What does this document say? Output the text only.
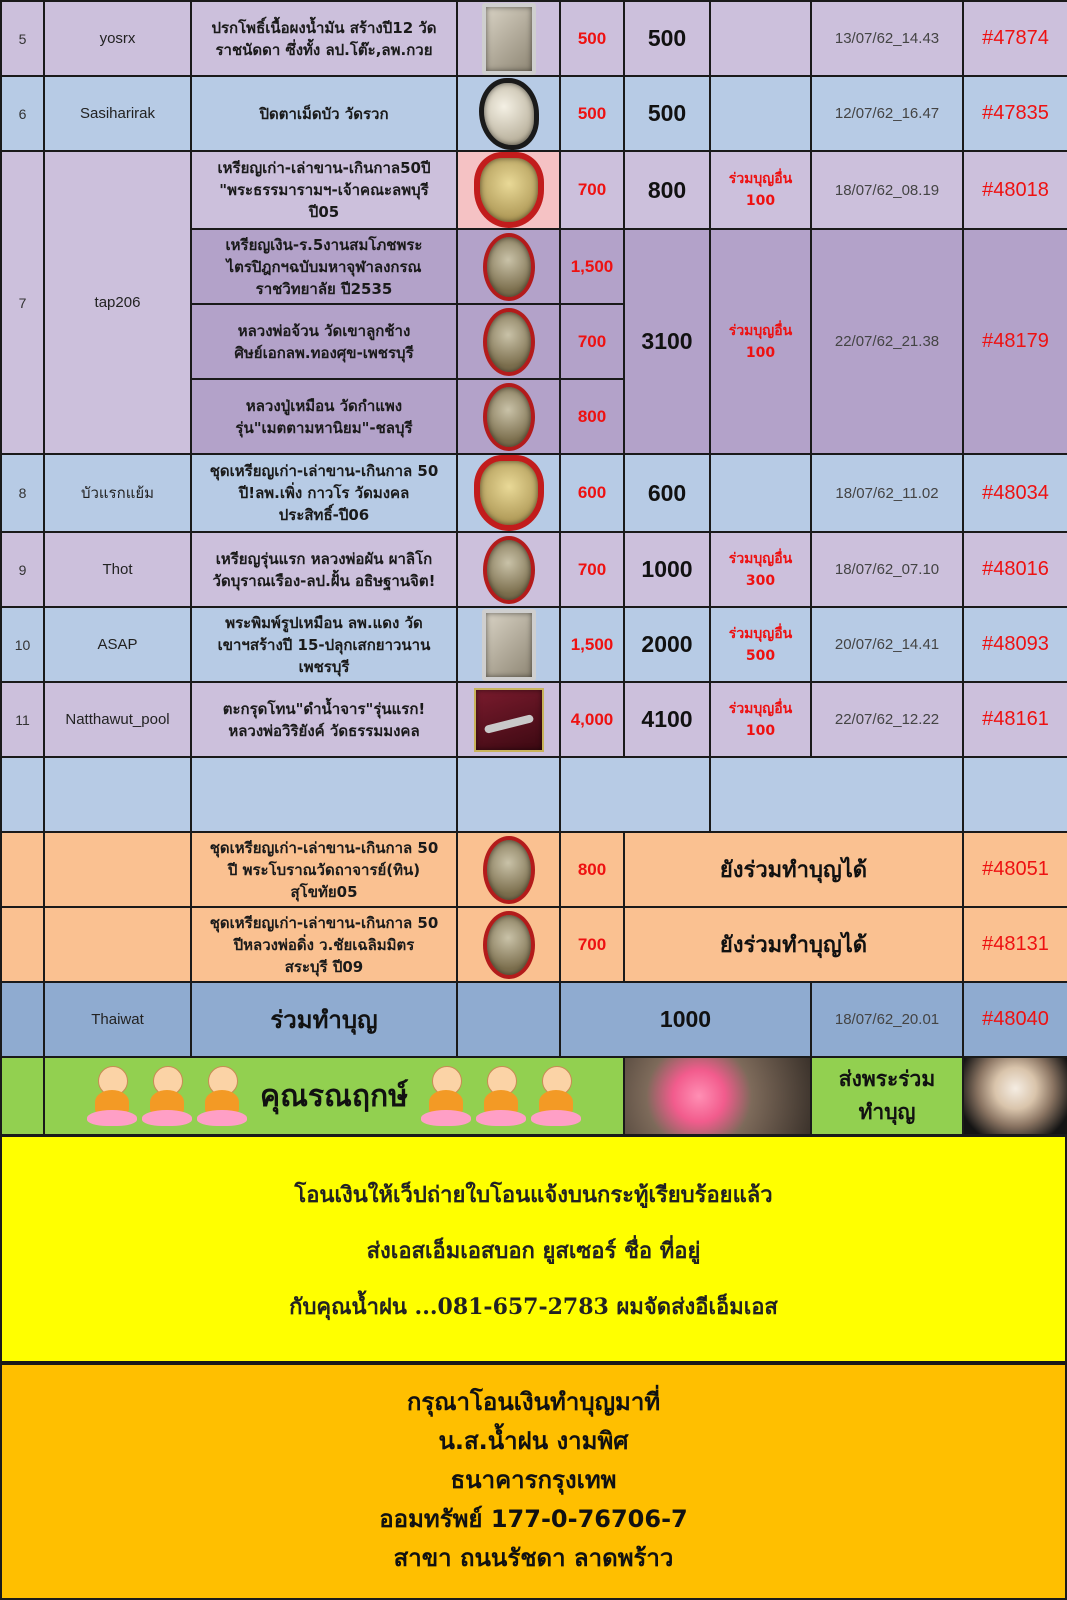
5	yosrx	ปรกโพธิ์เนื้อผงน้ำมัน สร้างปี12 วัด
ราชนัดดา ซึ่งทั้ง ลป.โต๊ะ,ลพ.กวย		500	500		13/07/62_14.43	#47874
6	Sasiharirak	ปิดตาเม็ดบัว วัดรวก		500	500		12/07/62_16.47	#47835
7	tap206	เหรียญเก่า-เล่าขาน-เกินกาล50ปี
"พระธรรมารามฯ-เจ้าคณะลพบุรี
ปี05		700	800	ร่วมบุญอื่น
100	18/07/62_08.19	#48018
		เหรียญเงิน-ร.5งานสมโภชพระ
ไตรปิฎกฯฉบับมหาจุฬาลงกรณ
ราชวิทยาลัย ปี2535		1,500	3100	ร่วมบุญอื่น
100	22/07/62_21.38	#48179
		หลวงพ่อจ้วน วัดเขาลูกช้าง
ศิษย์เอกลพ.ทองศุข-เพชรบุรี		700				
		หลวงปู่เหมือน วัดกำแพง
รุ่น"เมตตามหานิยม"-ชลบุรี		800				
8	บัวแรกแย้ม	ชุดเหรียญเก่า-เล่าขาน-เกินกาล 50
ปี!ลพ.เพิ่ง กาวโร วัดมงคล
ประสิทธิ์-ปี06		600	600		18/07/62_11.02	#48034
9	Thot	เหรียญรุ่นแรก หลวงพ่อผัน ผาลิโก
วัดบุราณเรือง-ลป.ฝั้น อธิษฐานจิต!		700	1000	ร่วมบุญอื่น
300	18/07/62_07.10	#48016
10	ASAP	พระพิมพ์รูปเหมือน ลพ.แดง วัด
เขาฯสร้างปี 15-ปลุกเสกยาวนาน
เพชรบุรี		1,500	2000	ร่วมบุญอื่น
500	20/07/62_14.41	#48093
11	Natthawut_pool	ตะกรุดโทน"ดำน้ำจาร"รุ่นแรก!
หลวงพ่อวิริยังค์ วัดธรรมมงคล		4,000	4100	ร่วมบุญอื่น
100	22/07/62_12.22	#48161

		ชุดเหรียญเก่า-เล่าขาน-เกินกาล 50
ปี พระโบราณวัดถาจารย์(ทิน)
สุโขทัย05		800	ยังร่วมทำบุญได้			#48051
		ชุดเหรียญเก่า-เล่าขาน-เกินกาล 50
ปีหลวงพ่อดิ่ง ว.ชัยเฉลิมมิตร
สระบุรี ปี09		700	ยังร่วมทำบุญได้			#48131
	Thaiwat	ร่วมทำบุญ		1000			18/07/62_20.01	#48040

คุณรณฤกษ์						ส่งพระร่วมทำบุญ	
โอนเงินให้เว็ปถ่ายใบโอนแจ้งบนกระทู้เรียบร้อยแล้ว
ส่งเอสเอ็มเอสบอก ยูสเซอร์ ชื่อ ที่อยู่
กับคุณน้ำฝน ...081-657-2783 ผมจัดส่งอีเอ็มเอส
กรุณาโอนเงินทำบุญมาที่
น.ส.น้ำฝน งามพิศ
ธนาคารกรุงเทพ
ออมทรัพย์ 177-0-76706-7
สาขา ถนนรัชดา ลาดพร้าว
